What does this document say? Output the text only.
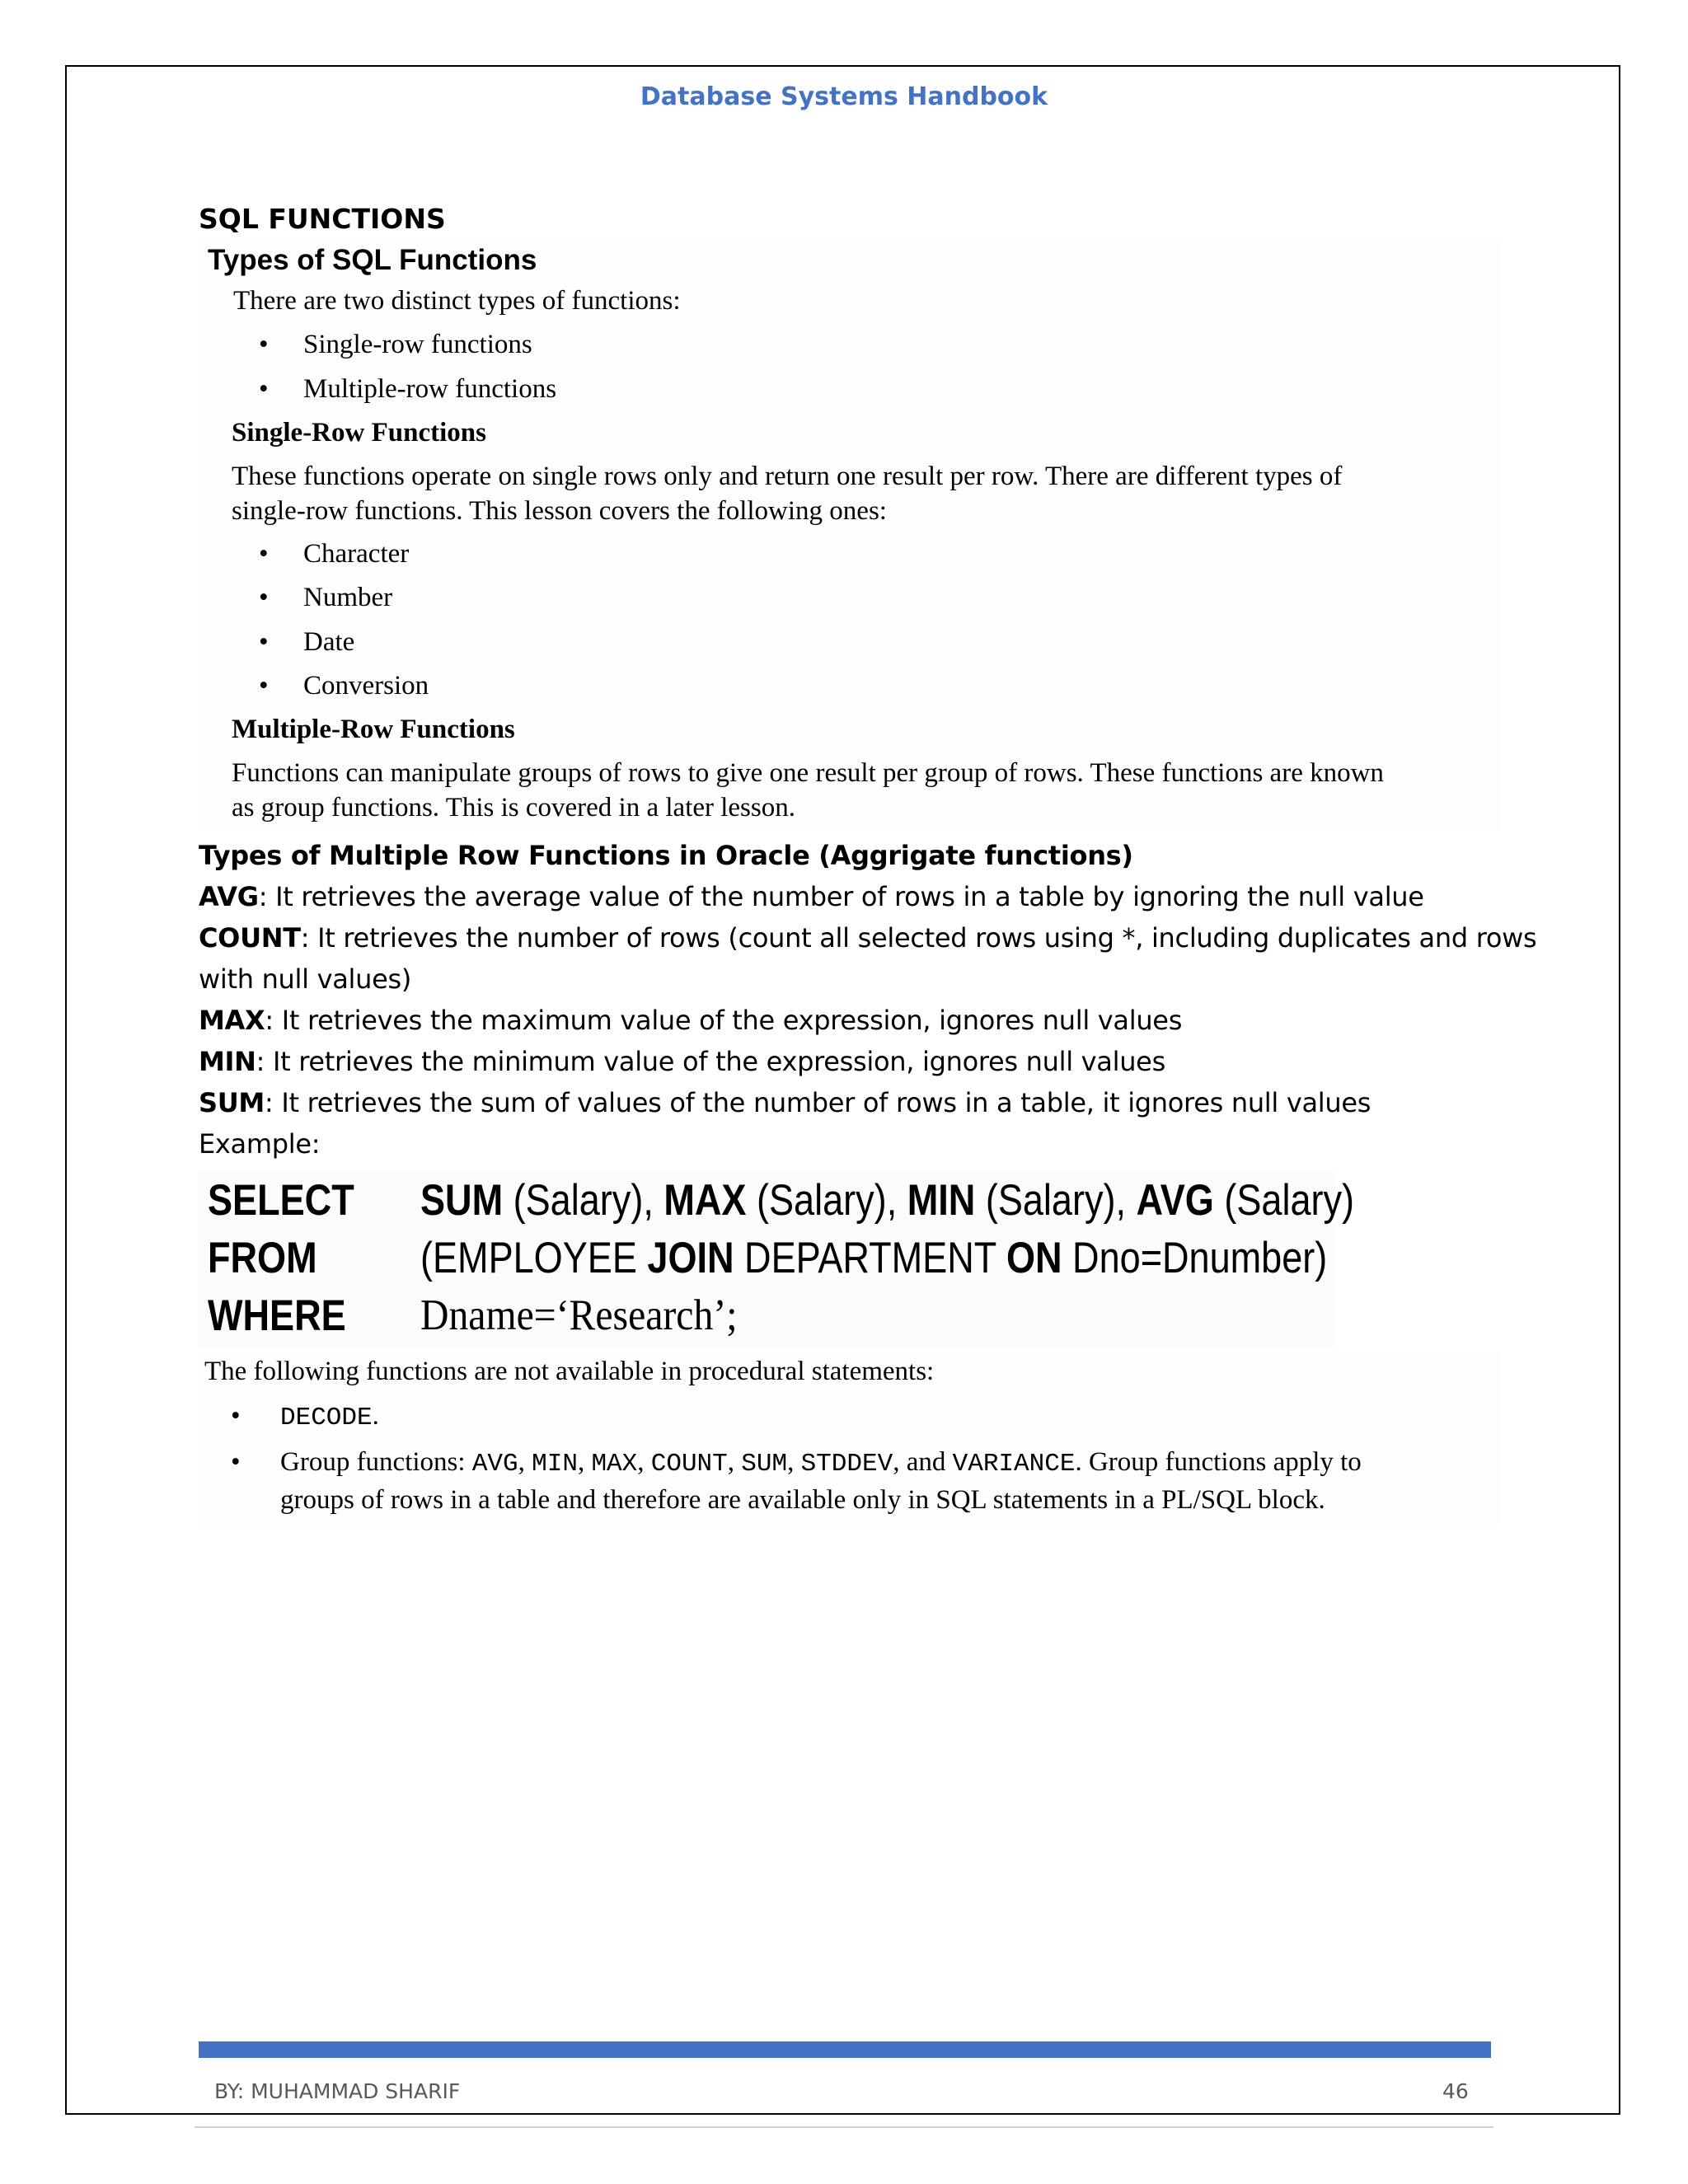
Database Systems Handbook
SQL FUNCTIONS
Types of SQL Functions
There are two distinct types of functions:
• Single-row functions
• Multiple-row functions
Single-Row Functions
These functions operate on single rows only and return one result per row. There are different types of
single-row functions. This lesson covers the following ones:
• Character
• Number
• Date
• Conversion
Multiple-Row Functions
Functions can manipulate groups of rows to give one result per group of rows. These functions are known
as group functions. This is covered in a later lesson.
Types of Multiple Row Functions in Oracle (Aggrigate functions)
AVG: It retrieves the average value of the number of rows in a table by ignoring the null value
COUNT: It retrieves the number of rows (count all selected rows using *, including duplicates and rows
with null values)
MAX: It retrieves the maximum value of the expression, ignores null values
MIN: It retrieves the minimum value of the expression, ignores null values
SUM: It retrieves the sum of values of the number of rows in a table, it ignores null values
Example:
SELECT SUM (Salary), MAX (Salary), MIN (Salary), AVG (Salary)
FROM (EMPLOYEE JOIN DEPARTMENT ON Dno=Dnumber)
WHERE Dname=‘Research’;
The following functions are not available in procedural statements:
• DECODE.
• Group functions: AVG, MIN, MAX, COUNT, SUM, STDDEV, and VARIANCE. Group functions apply to
groups of rows in a table and therefore are available only in SQL statements in a PL/SQL block.
BY: MUHAMMAD SHARIF	46
